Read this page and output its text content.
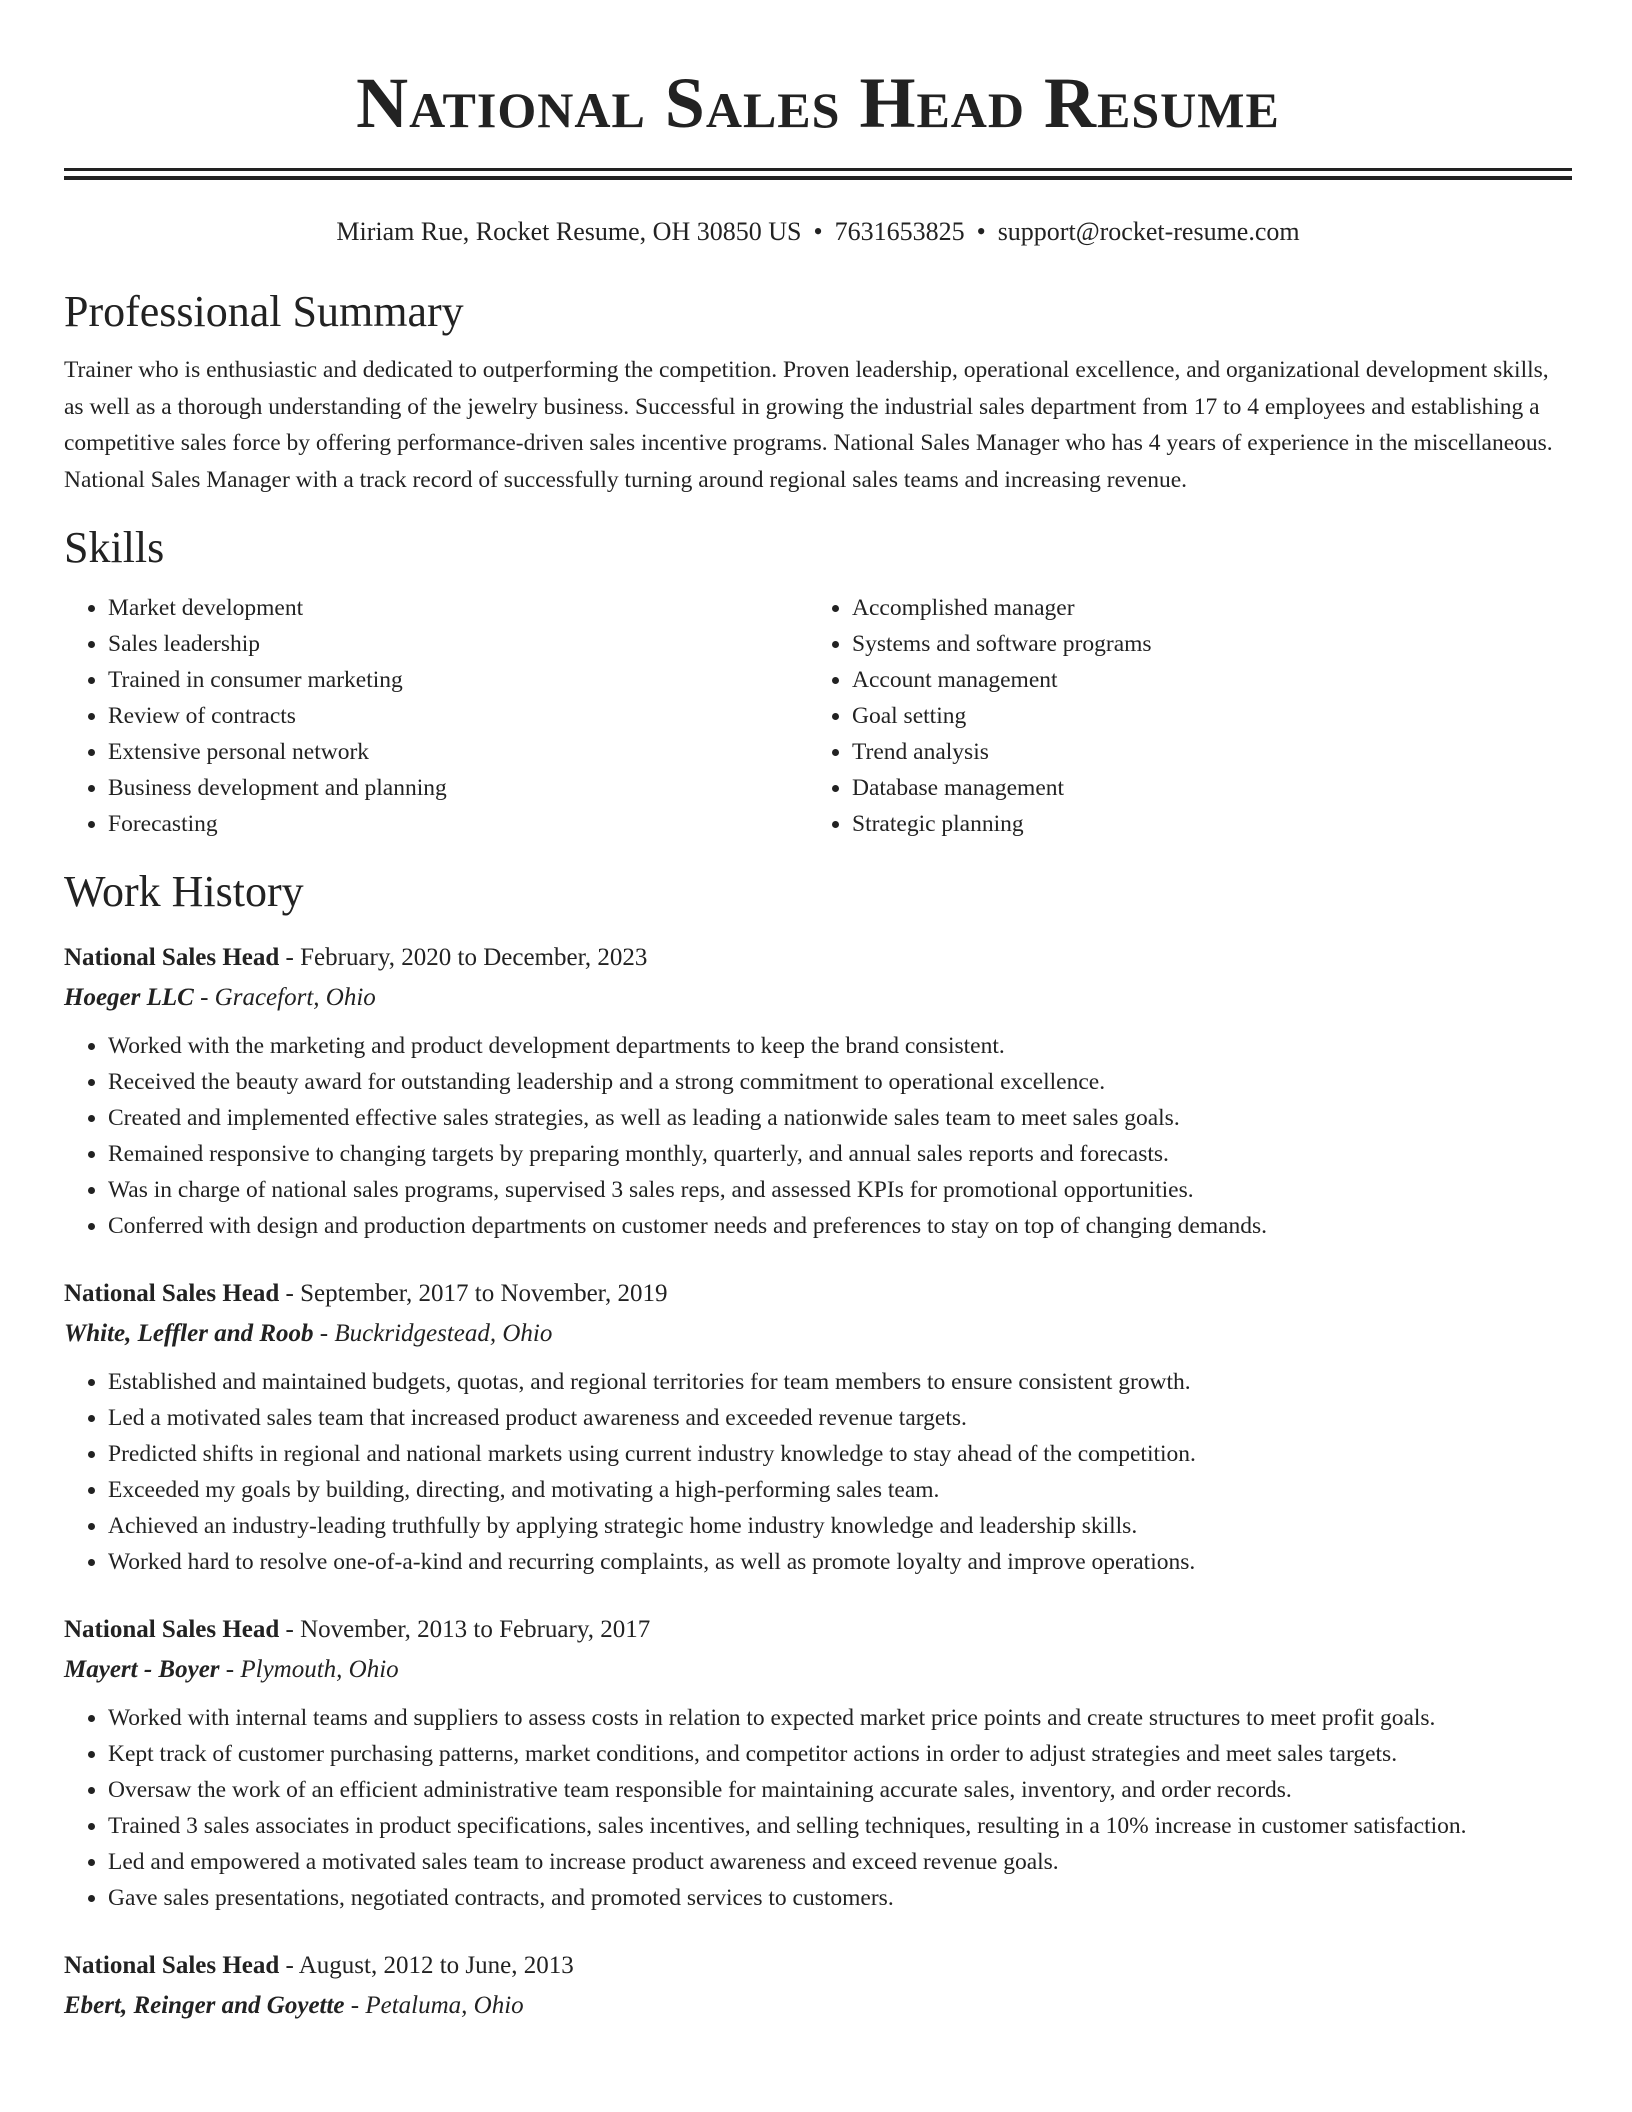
National Sales Head Resume
Miriam Rue, Rocket Resume, OH 30850 US • 7631653825 • support@rocket-resume.com
Professional Summary
Trainer who is enthusiastic and dedicated to outperforming the competition. Proven leadership, operational excellence, and organizational development skills, as well as a thorough understanding of the jewelry business. Successful in growing the industrial sales department from 17 to 4 employees and establishing a competitive sales force by offering performance-driven sales incentive programs. National Sales Manager who has 4 years of experience in the miscellaneous. National Sales Manager with a track record of successfully turning around regional sales teams and increasing revenue.
Skills
• Market development
• Sales leadership
• Trained in consumer marketing
• Review of contracts
• Extensive personal network
• Business development and planning
• Forecasting
• Accomplished manager
• Systems and software programs
• Account management
• Goal setting
• Trend analysis
• Database management
• Strategic planning
Work History
National Sales Head - February, 2020 to December, 2023
Hoeger LLC - Gracefort, Ohio
• Worked with the marketing and product development departments to keep the brand consistent.
• Received the beauty award for outstanding leadership and a strong commitment to operational excellence.
• Created and implemented effective sales strategies, as well as leading a nationwide sales team to meet sales goals.
• Remained responsive to changing targets by preparing monthly, quarterly, and annual sales reports and forecasts.
• Was in charge of national sales programs, supervised 3 sales reps, and assessed KPIs for promotional opportunities.
• Conferred with design and production departments on customer needs and preferences to stay on top of changing demands.
National Sales Head - September, 2017 to November, 2019
White, Leffler and Roob - Buckridgestead, Ohio
• Established and maintained budgets, quotas, and regional territories for team members to ensure consistent growth.
• Led a motivated sales team that increased product awareness and exceeded revenue targets.
• Predicted shifts in regional and national markets using current industry knowledge to stay ahead of the competition.
• Exceeded my goals by building, directing, and motivating a high-performing sales team.
• Achieved an industry-leading truthfully by applying strategic home industry knowledge and leadership skills.
• Worked hard to resolve one-of-a-kind and recurring complaints, as well as promote loyalty and improve operations.
National Sales Head - November, 2013 to February, 2017
Mayert - Boyer - Plymouth, Ohio
• Worked with internal teams and suppliers to assess costs in relation to expected market price points and create structures to meet profit goals.
• Kept track of customer purchasing patterns, market conditions, and competitor actions in order to adjust strategies and meet sales targets.
• Oversaw the work of an efficient administrative team responsible for maintaining accurate sales, inventory, and order records.
• Trained 3 sales associates in product specifications, sales incentives, and selling techniques, resulting in a 10% increase in customer satisfaction.
• Led and empowered a motivated sales team to increase product awareness and exceed revenue goals.
• Gave sales presentations, negotiated contracts, and promoted services to customers.
National Sales Head - August, 2012 to June, 2013
Ebert, Reinger and Goyette - Petaluma, Ohio
